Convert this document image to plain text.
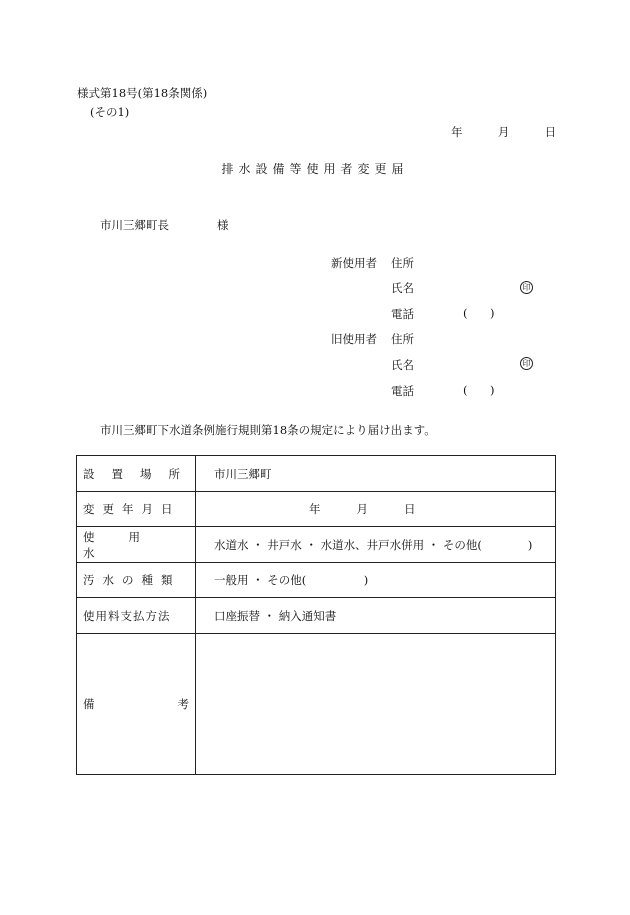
様式第18号(第18条関係)
(その1)
年	月	日
排水設備等使用者変更届
市川三郷町長	様
新使用者 住所
氏名	印
電話	( )
旧使用者 住所
氏名	印
電話	( )
市川三郷町下水道条例施行規則第18条の規定により届け出ます。
設置場所	市川三郷町
変更年月日	年 月 日
使用水	水道水 ・ 井戸水 ・ 水道水、井戸水併用 ・ その他(　　　　)
汚水の種類	一般用 ・ その他(　　　　　)
使用料支払方法	口座振替 ・ 納入通知書

備 考	
